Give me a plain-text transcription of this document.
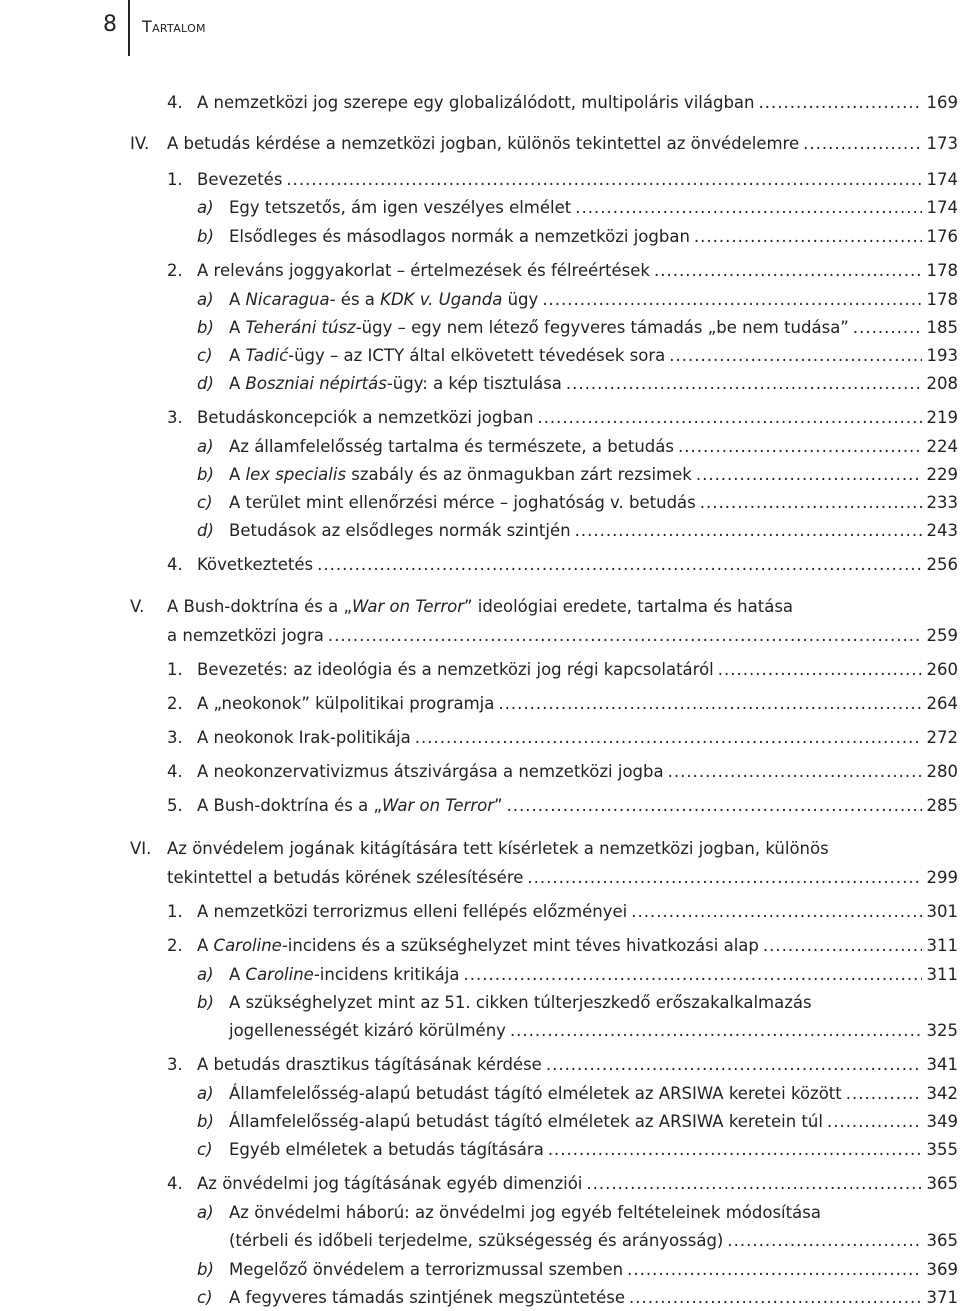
8 Tartalom
4. A nemzetközi jog szerepe egy globalizálódott, multipoláris világban .....	169
IV. A betudás kérdése a nemzetközi jogban, különös tekintettel az önvédelemre .....	173
1. Bevezetés .....	174
a) Egy tetszetős, ám igen veszélyes elmélet .....	174
b) Elsődleges és másodlagos normák a nemzetközi jogban .....	176
2. A releváns joggyakorlat – értelmezések és félreértések .....	178
a) A Nicaragua- és a KDK v. Uganda ügy .....	178
b) A Teheráni túsz-ügy – egy nem létező fegyveres támadás „be nem tudása” .....	185
c) A Tadić-ügy – az ICTY által elkövetett tévedések sora .....	193
d) A Boszniai népirtás-ügy: a kép tisztulása .....	208
3. Betudáskoncepciók a nemzetközi jogban .....	219
a) Az államfelelősség tartalma és természete, a betudás .....	224
b) A lex specialis szabály és az önmagukban zárt rezsimek .....	229
c) A terület mint ellenőrzési mérce – joghatóság v. betudás .....	233
d) Betudások az elsődleges normák szintjén .....	243
4. Következtetés .....	256
V. A Bush-doktrína és a „War on Terror” ideológiai eredete, tartalma és hatása
a nemzetközi jogra .....	259
1. Bevezetés: az ideológia és a nemzetközi jog régi kapcsolatáról .....	260
2. A „neokonok” külpolitikai programja .....	264
3. A neokonok Irak-politikája .....	272
4. A neokonzervativizmus átszivárgása a nemzetközi jogba .....	280
5. A Bush-doktrína és a „War on Terror” .....	285
VI. Az önvédelem jogának kitágítására tett kísérletek a nemzetközi jogban, különös
tekintettel a betudás körének szélesítésére .....	299
1. A nemzetközi terrorizmus elleni fellépés előzményei .....	301
2. A Caroline-incidens és a szükséghelyzet mint téves hivatkozási alap .....	311
a) A Caroline-incidens kritikája .....	311
b) A szükséghelyzet mint az 51. cikken túlterjeszkedő erőszakalkalmazás
jogellenességét kizáró körülmény .....	325
3. A betudás drasztikus tágításának kérdése .....	341
a) Államfelelősség-alapú betudást tágító elméletek az ARSIWA keretei között .....	342
b) Államfelelősség-alapú betudást tágító elméletek az ARSIWA keretein túl .....	349
c) Egyéb elméletek a betudás tágítására .....	355
4. Az önvédelmi jog tágításának egyéb dimenziói .....	365
a) Az önvédelmi háború: az önvédelmi jog egyéb feltételeinek módosítása
(térbeli és időbeli terjedelme, szükségesség és arányosság) .....	365
b) Megelőző önvédelem a terrorizmussal szemben .....	369
c) A fegyveres támadás szintjének megszüntetése .....	371
